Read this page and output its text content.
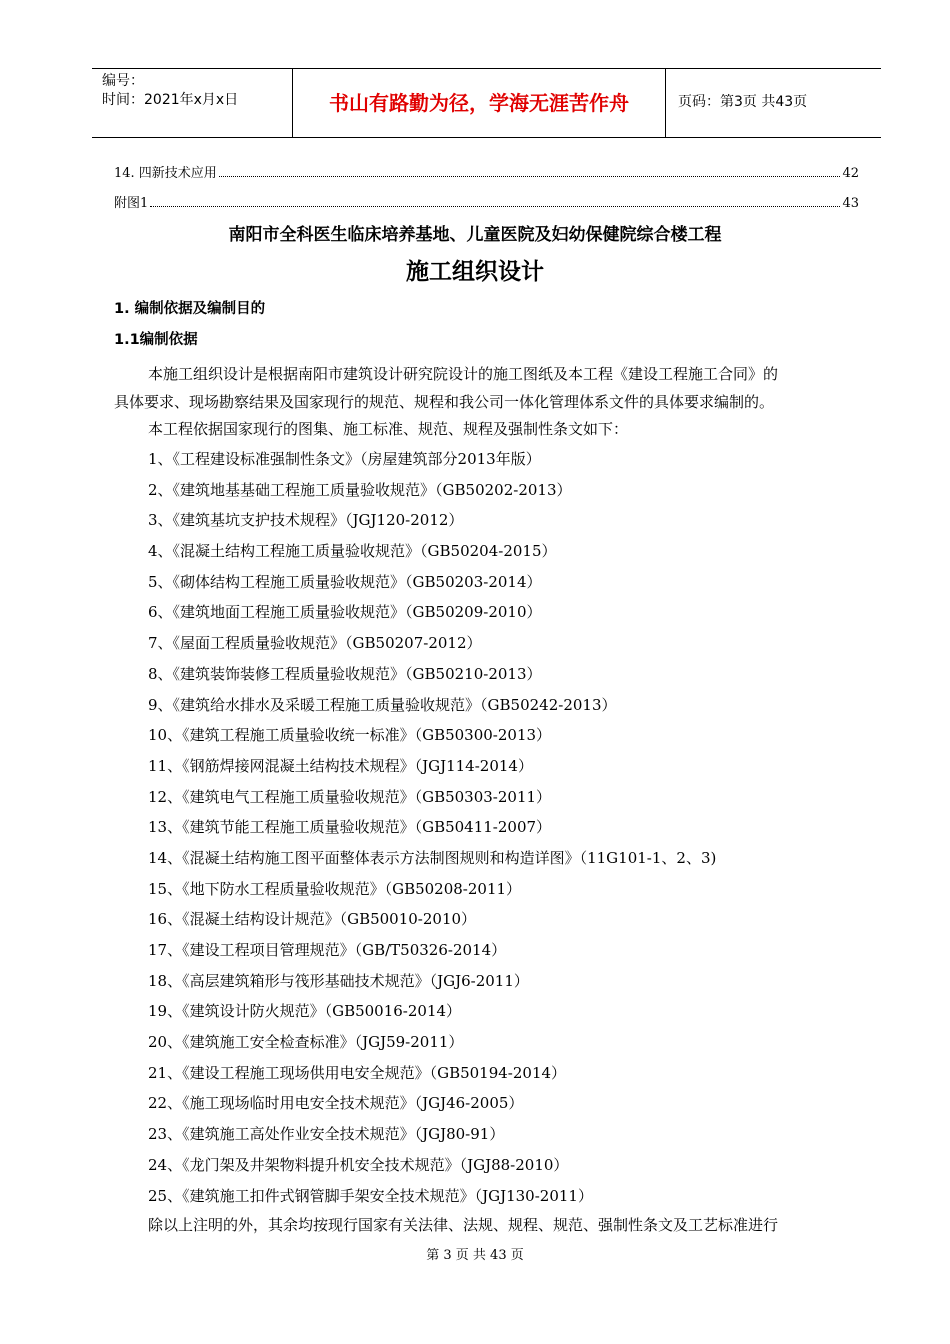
编号：
时间：2021年x月x日	书山有路勤为径，学海无涯苦作舟	页码：第3页 共43页
14. 四新技术应用	42
附图1	43
南阳市全科医生临床培养基地、儿童医院及妇幼保健院综合楼工程
施工组织设计
1. 编制依据及编制目的
1.1编制依据
本施工组织设计是根据南阳市建筑设计研究院设计的施工图纸及本工程《建设工程施工合同》的
具体要求、现场勘察结果及国家现行的规范、规程和我公司一体化管理体系文件的具体要求编制的。
本工程依据国家现行的图集、施工标准、规范、规程及强制性条文如下：
1、《工程建设标准强制性条文》（房屋建筑部分2013年版）
2、《建筑地基基础工程施工质量验收规范》（GB50202-2013）
3、《建筑基坑支护技术规程》（JGJ120-2012）
4、《混凝土结构工程施工质量验收规范》（GB50204-2015）
5、《砌体结构工程施工质量验收规范》（GB50203-2014）
6、《建筑地面工程施工质量验收规范》（GB50209-2010）
7、《屋面工程质量验收规范》（GB50207-2012）
8、《建筑装饰装修工程质量验收规范》（GB50210-2013）
9、《建筑给水排水及采暖工程施工质量验收规范》（GB50242-2013）
10、《建筑工程施工质量验收统一标准》（GB50300-2013）
11、《钢筋焊接网混凝土结构技术规程》（JGJ114-2014）
12、《建筑电气工程施工质量验收规范》（GB50303-2011）
13、《建筑节能工程施工质量验收规范》（GB50411-2007）
14、《混凝土结构施工图平面整体表示方法制图规则和构造详图》（11G101-1、2、3)
15、《地下防水工程质量验收规范》（GB50208-2011）
16、《混凝土结构设计规范》（GB50010-2010）
17、《建设工程项目管理规范》（GB/T50326-2014）
18、《高层建筑箱形与筏形基础技术规范》（JGJ6-2011）
19、《建筑设计防火规范》（GB50016-2014）
20、《建筑施工安全检查标准》（JGJ59-2011）
21、《建设工程施工现场供用电安全规范》（GB50194-2014）
22、《施工现场临时用电安全技术规范》（JGJ46-2005）
23、《建筑施工高处作业安全技术规范》（JGJ80-91）
24、《龙门架及井架物料提升机安全技术规范》（JGJ88-2010）
25、《建筑施工扣件式钢管脚手架安全技术规范》（JGJ130-2011）
除以上注明的外，其余均按现行国家有关法律、法规、规程、规范、强制性条文及工艺标准进行
第 3 页 共 43 页
